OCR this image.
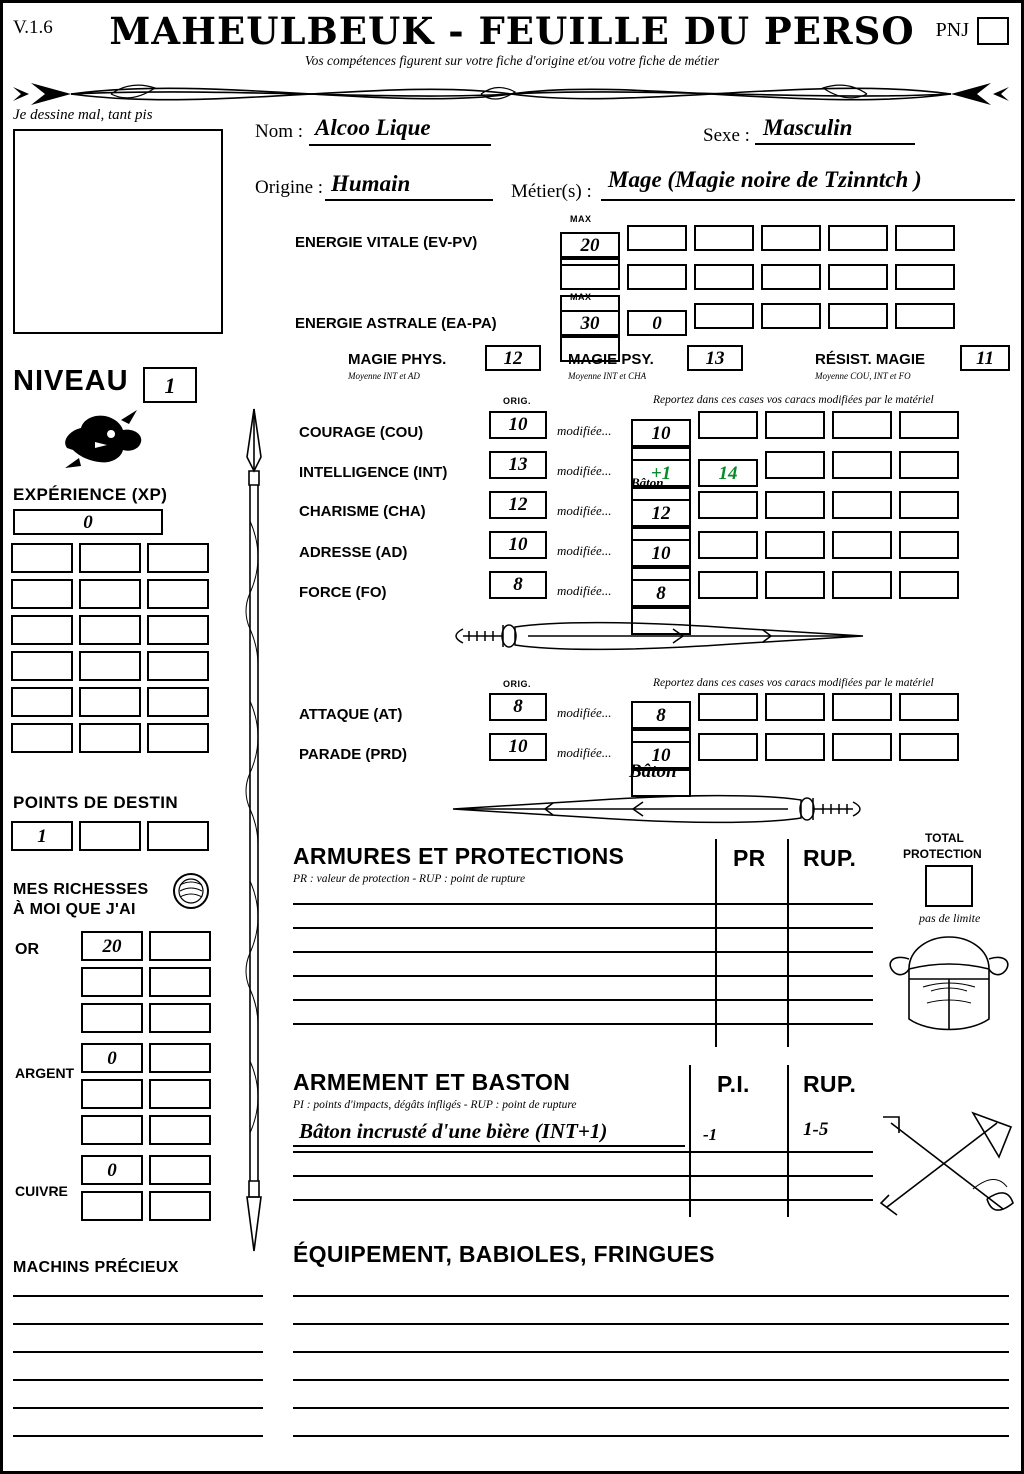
V.1.6	ΜAHEULBEUK - FEUILLE DU PERSO
Vos compétences figurent sur votre fiche d'origine et/ou votre fiche de métier
PNJ
Je dessine mal, tant pis
Nom : Alcoo Lique	Sexe : Masculin
Origine : Humain	Métier(s) : Mage (Magie noire de Tzinntch )
MAX
ENERGIE VITALE (EV-PV)	20
MAX
ENERGIE ASTRALE (EA-PA)	30	0
MAGIE PHYS.
Moyenne INT et AD
12	MAGIE PSY.
Moyenne INT et CHA
13	RÉSIST. MAGIE
Moyenne COU, INT et FO
11
ORIG.	Reportez dans ces cases vos caracs modifiées par le matériel
COURAGE (COU)	10	modifiée...	10
INTELLIGENCE (INT)	13	modifiée...	+1 14
Bâton
CHARISME (CHA)	12	modifiée...	12
ADRESSE (AD)	10	modifiée...	10
FORCE (FO)	8	modifiée...	8
ORIG.	Reportez dans ces cases vos caracs modifiées par le matériel
ATTAQUE (AT)	8	modifiée...	8
PARADE (PRD)	10	modifiée...	10
Bâton
NIVEAU	1
EXPÉRIENCE (XP)
0
POINTS DE DESTIN
1
MES RICHESSES
À MOI QUE J'AI
OR	20
ARGENT
0
CUIVRE
0
MACHINS PRÉCIEUX
ARMURES ET PROTECTIONS
PR : valeur de protection - RUP : point de rupture
PR RUP.
TOTAL
PROTECTION
pas de limite
ARMEMENT ET BASTON
PI : points d'impacts, dégâts infligés - RUP : point de rupture
P.I. RUP.
Bâton incrusté d'une bière (INT+1)	-1	1-5
ÉQUIPEMENT, BABIOLES, FRINGUES
